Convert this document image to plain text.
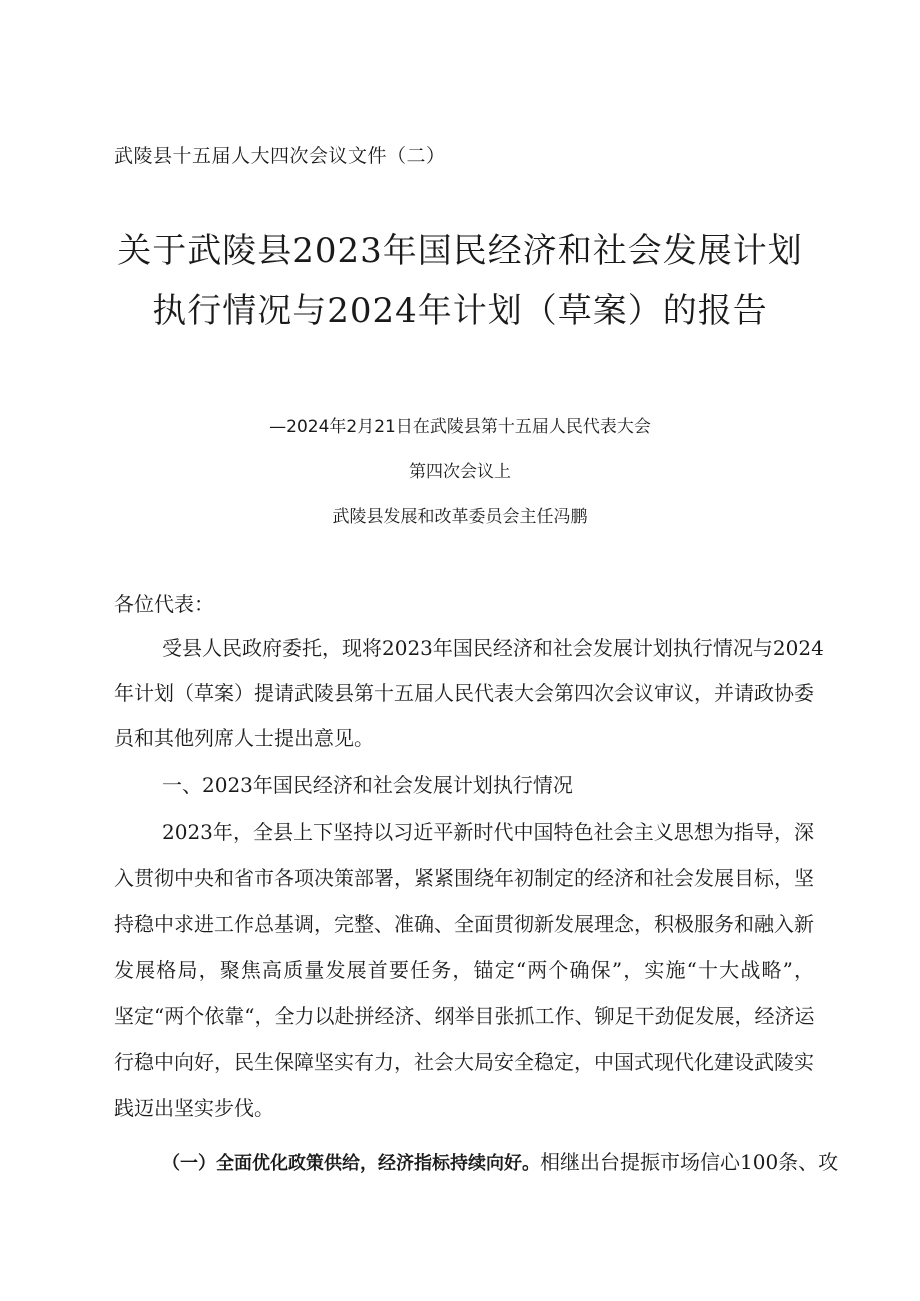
武陵县十五届人大四次会议文件（二）
关于武陵县2023年国民经济和社会发展计划
执行情况与2024年计划（草案）的报告
—2024年2月21日在武陵县第十五届人民代表大会
第四次会议上
武陵县发展和改革委员会主任冯鹏
各位代表：
受县人民政府委托，现将2023年国民经济和社会发展计划执行情况与2024
年计划（草案）提请武陵县第十五届人民代表大会第四次会议审议，并请政协委
员和其他列席人士提出意见。
一、2023年国民经济和社会发展计划执行情况
2023年，全县上下坚持以习近平新时代中国特色社会主义思想为指导，深
入贯彻中央和省市各项决策部署，紧紧围绕年初制定的经济和社会发展目标，坚
持稳中求进工作总基调，完整、准确、全面贯彻新发展理念，积极服务和融入新
发展格局，聚焦高质量发展首要任务，锚定“两个确保”，实施“十大战略”，
坚定“两个依靠“，全力以赴拼经济、纲举目张抓工作、铆足干劲促发展，经济运
行稳中向好，民生保障坚实有力，社会大局安全稳定，中国式现代化建设武陵实
践迈出坚实步伐。
（一）全面优化政策供给，经济指标持续向好。相继出台提振市场信心100条、攻
